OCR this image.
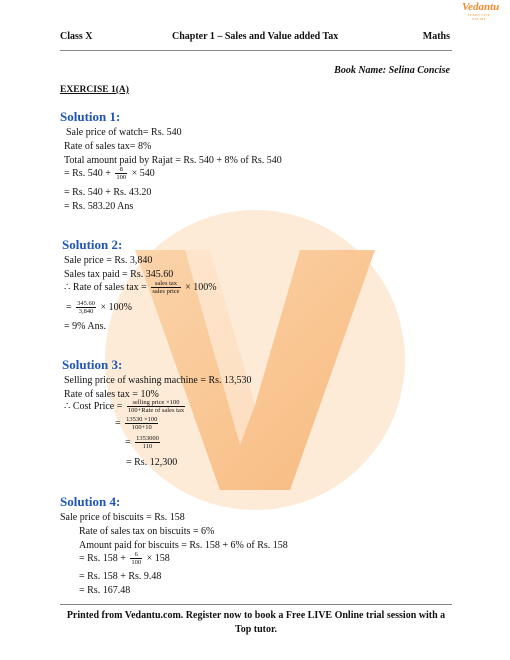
Vedantu
LEARN LIVE ONLINE
Class X	Chapter 1 – Sales and Value added Tax	Maths
Book Name: Selina Concise
EXERCISE 1(A)
Solution 1:
Sale price of watch= Rs. 540
Rate of sales tax= 8%
Total amount paid by Rajat = Rs. 540 + 8% of Rs. 540
= Rs. $540 + \frac{8}{100} \times 540$
= Rs. 540 + Rs. 43.20
= Rs. 583.20 Ans
Solution 2:
Sale price = Rs. 3,840
Sales tax paid = Rs. 345.60
∴ Rate of sales tax = $\frac{\text{sales tax}}{\text{sales price}} \times 100\%$
= $\frac{345.60}{3,840} \times 100\%$
= 9% Ans.
Solution 3:
Selling price of washing machine = Rs. 13,530
Rate of sales tax = 10%
∴ Cost Price = $\frac{\text{selling price ×100}}{\text{100+Rate of sales tax}}$
= $\frac{13530 \times 100}{100+10}$
= $\frac{1353000}{110}$
= Rs. 12,300
Solution 4:
Sale price of biscuits = Rs. 158
Rate of sales tax on biscuits = 6%
Amount paid for biscuits = Rs. 158 + 6% of Rs. 158
= Rs. $158 + \frac{6}{100} \times 158$
= Rs. 158 + Rs. 9.48
= Rs. 167.48
Printed from Vedantu.com. Register now to book a Free LIVE Online trial session with a Top tutor.
